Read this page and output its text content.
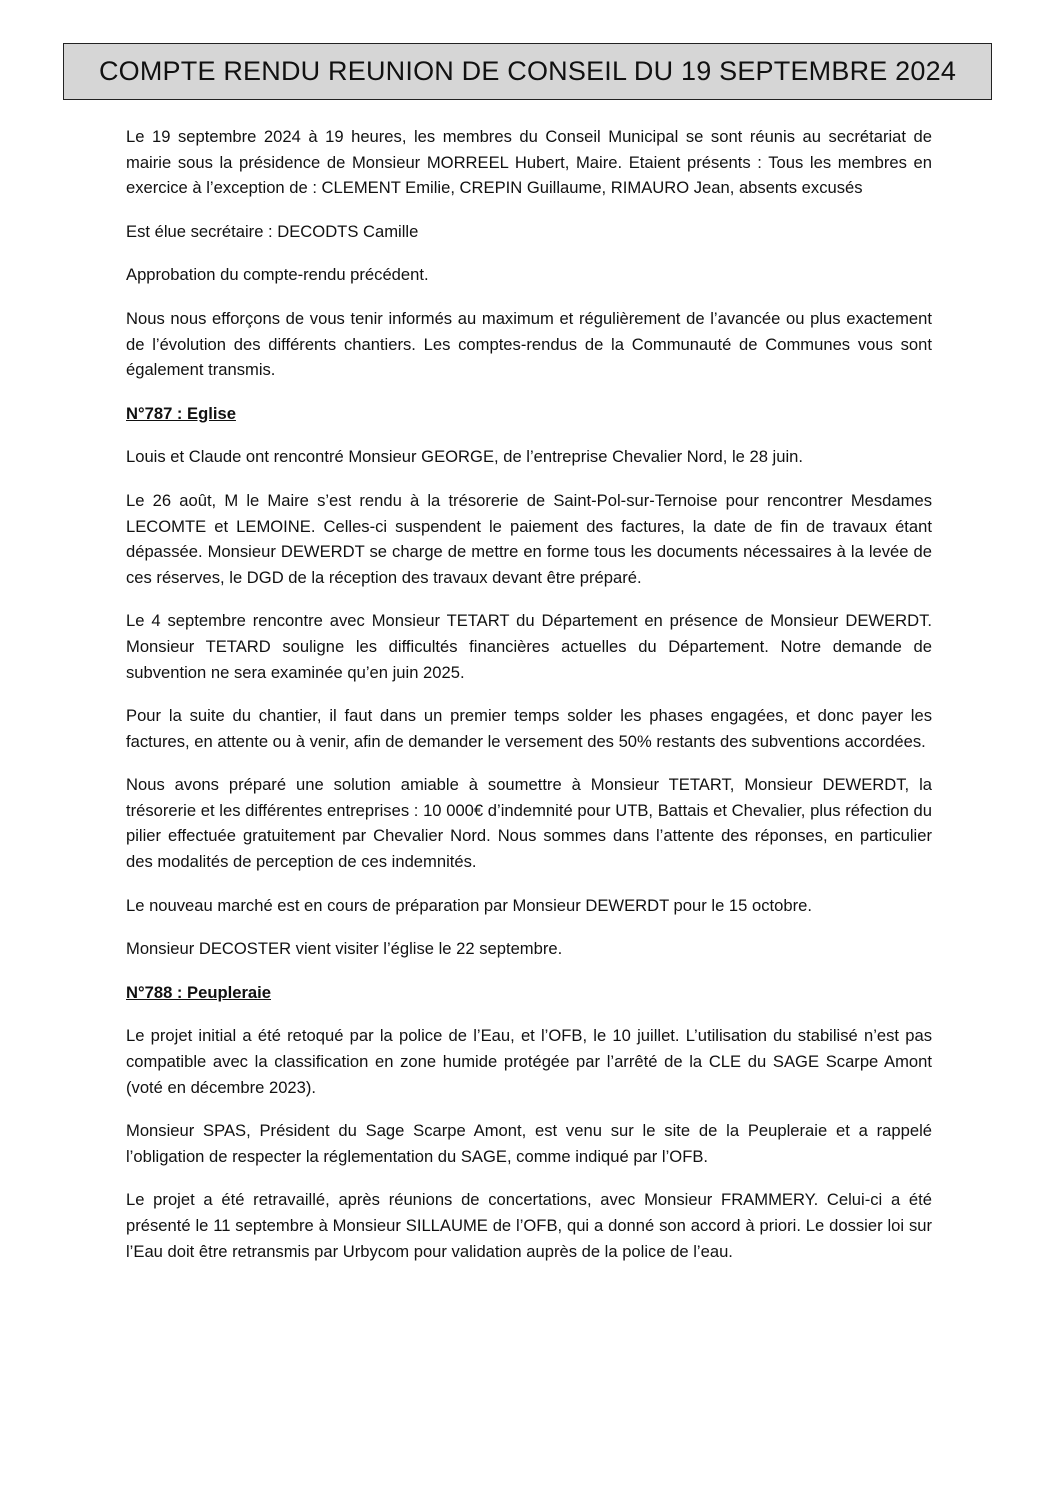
COMPTE RENDU REUNION DE CONSEIL DU 19 SEPTEMBRE 2024

Le 19 septembre 2024 à 19 heures, les membres du Conseil Municipal se sont réunis au secrétariat de mairie sous la présidence de Monsieur MORREEL Hubert, Maire. Etaient présents : Tous les membres en exercice à l’exception de : CLEMENT Emilie, CREPIN Guillaume, RIMAURO Jean, absents excusés

Est élue secrétaire : DECODTS Camille

Approbation du compte-rendu précédent.

Nous nous efforçons de vous tenir informés au maximum et régulièrement de l’avancée ou plus exactement de l’évolution des différents chantiers. Les comptes-rendus de la Communauté de Communes vous sont également transmis.

N°787 : Eglise

Louis et Claude ont rencontré Monsieur GEORGE, de l’entreprise Chevalier Nord, le 28 juin.

Le 26 août, M le Maire s’est rendu à la trésorerie de Saint-Pol-sur-Ternoise pour rencontrer Mesdames LECOMTE et LEMOINE. Celles-ci suspendent le paiement des factures, la date de fin de travaux étant dépassée. Monsieur DEWERDT se charge de mettre en forme tous les documents nécessaires à la levée de ces réserves, le DGD de la réception des travaux devant être préparé.

Le 4 septembre rencontre avec Monsieur TETART du Département en présence de Monsieur DEWERDT. Monsieur TETARD souligne les difficultés financières actuelles du Département. Notre demande de subvention ne sera examinée qu’en juin 2025.

Pour la suite du chantier, il faut dans un premier temps solder les phases engagées, et donc payer les factures, en attente ou à venir, afin de demander le versement des 50% restants des subventions accordées.

Nous avons préparé une solution amiable à soumettre à Monsieur TETART, Monsieur DEWERDT, la trésorerie et les différentes entreprises : 10 000€ d’indemnité pour UTB, Battais et Chevalier, plus réfection du pilier effectuée gratuitement par Chevalier Nord. Nous sommes dans l’attente des réponses, en particulier des modalités de perception de ces indemnités.

Le nouveau marché est en cours de préparation par Monsieur DEWERDT pour le 15 octobre.

Monsieur DECOSTER vient visiter l’église le 22 septembre.

N°788 : Peupleraie

Le projet initial a été retoqué par la police de l’Eau, et l’OFB, le 10 juillet. L’utilisation du stabilisé n’est pas compatible avec la classification en zone humide protégée par l’arrêté de la CLE du SAGE Scarpe Amont (voté en décembre 2023).

Monsieur SPAS, Président du Sage Scarpe Amont, est venu sur le site de la Peupleraie et a rappelé l’obligation de respecter la réglementation du SAGE, comme indiqué par l’OFB.

Le projet a été retravaillé, après réunions de concertations, avec Monsieur FRAMMERY. Celui-ci a été présenté le 11 septembre à Monsieur SILLAUME de l’OFB, qui a donné son accord à priori. Le dossier loi sur l’Eau doit être retransmis par Urbycom pour validation auprès de la police de l’eau.
